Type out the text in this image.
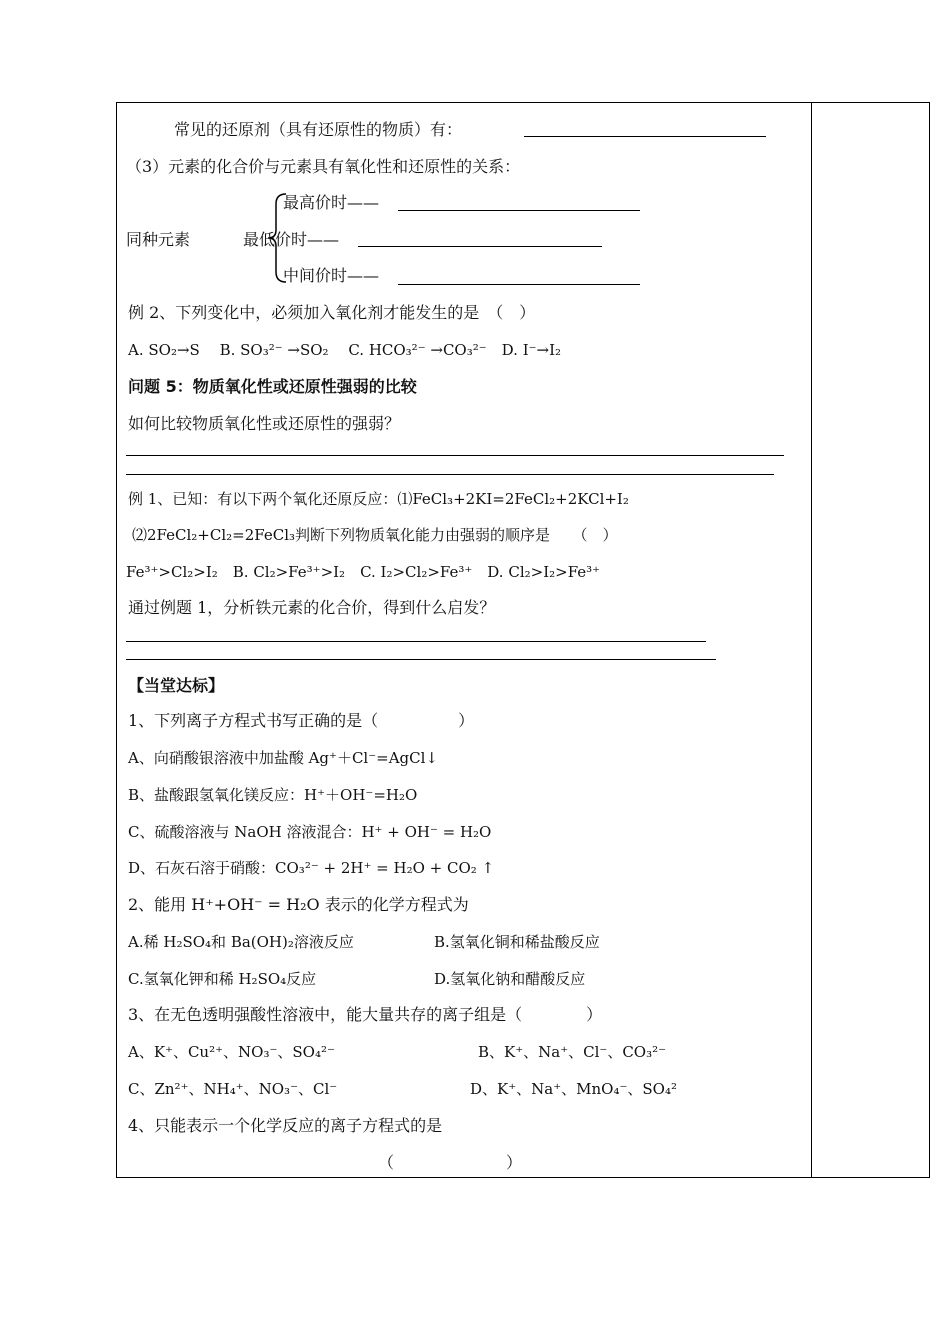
常见的还原剂（具有还原性的物质）有：
（3）元素的化合价与元素具有氧化性和还原性的关系：
最高价时——
同种元素	最低价时——
中间价时——
例 2、下列变化中，必须加入氧化剂才能发生的是　（　）
A. SO₂→S　 B. SO₃²⁻ →SO₂　 C. HCO₃²⁻ →CO₃²⁻　D. I⁻→I₂
问题 5：物质氧化性或还原性强弱的比较
如何比较物质氧化性或还原性的强弱？
例 1、已知：有以下两个氧化还原反应：⑴FeCl₃+2KI=2FeCl₂+2KCl+I₂
⑵2FeCl₂+Cl₂=2FeCl₃判断下列物质氧化能力由强弱的顺序是　　（　）
Fe³⁺>Cl₂>I₂　B. Cl₂>Fe³⁺>I₂　C. I₂>Cl₂>Fe³⁺　D. Cl₂>I₂>Fe³⁺
通过例题 1，分析铁元素的化合价，得到什么启发？
【当堂达标】
1、下列离子方程式书写正确的是（　　　　　）
A、向硝酸银溶液中加盐酸 Ag⁺＋Cl⁻=AgCl↓
B、盐酸跟氢氧化镁反应：H⁺＋OH⁻=H₂O
C、硫酸溶液与 NaOH 溶液混合：H⁺ + OH⁻ = H₂O
D、石灰石溶于硝酸：CO₃²⁻ + 2H⁺ = H₂O + CO₂ ↑
2、能用 H⁺+OH⁻ = H₂O 表示的化学方程式为
A.稀 H₂SO₄和 Ba(OH)₂溶液反应	B.氢氧化铜和稀盐酸反应
C.氢氧化钾和稀 H₂SO₄反应	D.氢氧化钠和醋酸反应
3、在无色透明强酸性溶液中，能大量共存的离子组是（　　　　）
A、K⁺、Cu²⁺、NO₃⁻、SO₄²⁻	B、K⁺、Na⁺、Cl⁻、CO₃²⁻
C、Zn²⁺、NH₄⁺、NO₃⁻、Cl⁻	D、K⁺、Na⁺、MnO₄⁻、SO₄²
4、只能表示一个化学反应的离子方程式的是
（　　　　　　　）
